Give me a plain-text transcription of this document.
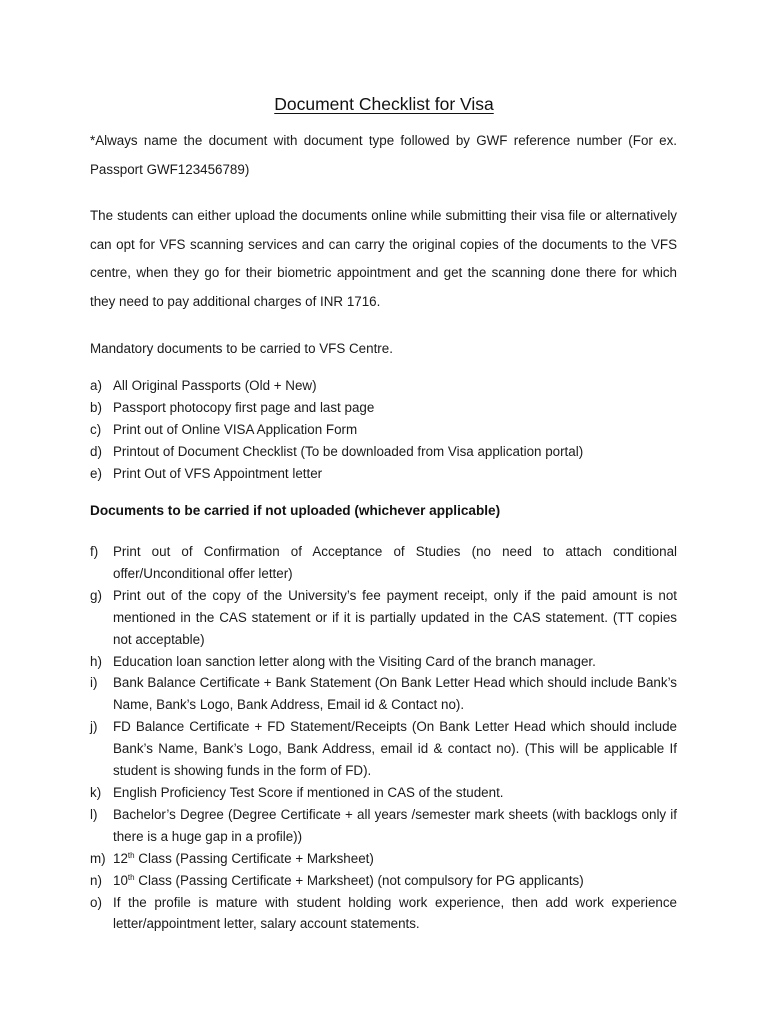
Document Checklist for Visa

*Always name the document with document type followed by GWF reference number (For ex. Passport GWF123456789)

The students can either upload the documents online while submitting their visa file or alternatively can opt for VFS scanning services and can carry the original copies of the documents to the VFS centre, when they go for their biometric appointment and get the scanning done there for which they need to pay additional charges of INR 1716.

Mandatory documents to be carried to VFS Centre.

a) All Original Passports (Old + New)
b) Passport photocopy first page and last page
c) Print out of Online VISA Application Form
d) Printout of Document Checklist (To be downloaded from Visa application portal)
e) Print Out of VFS Appointment letter
Documents to be carried if not uploaded (whichever applicable)
f) Print out of Confirmation of Acceptance of Studies (no need to attach conditional offer/Unconditional offer letter)
g) Print out of the copy of the University’s fee payment receipt, only if the paid amount is not mentioned in the CAS statement or if it is partially updated in the CAS statement. (TT copies not acceptable)
h) Education loan sanction letter along with the Visiting Card of the branch manager.
i) Bank Balance Certificate + Bank Statement (On Bank Letter Head which should include Bank’s Name, Bank’s Logo, Bank Address, Email id & Contact no).
j) FD Balance Certificate + FD Statement/Receipts (On Bank Letter Head which should include Bank’s Name, Bank’s Logo, Bank Address, email id & contact no). (This will be applicable If student is showing funds in the form of FD).
k) English Proficiency Test Score if mentioned in CAS of the student.
l) Bachelor’s Degree (Degree Certificate + all years /semester mark sheets (with backlogs only if there is a huge gap in a profile))
m) 12th Class (Passing Certificate + Marksheet)
n) 10th Class (Passing Certificate + Marksheet) (not compulsory for PG applicants)
o) If the profile is mature with student holding work experience, then add work experience letter/appointment letter, salary account statements.
